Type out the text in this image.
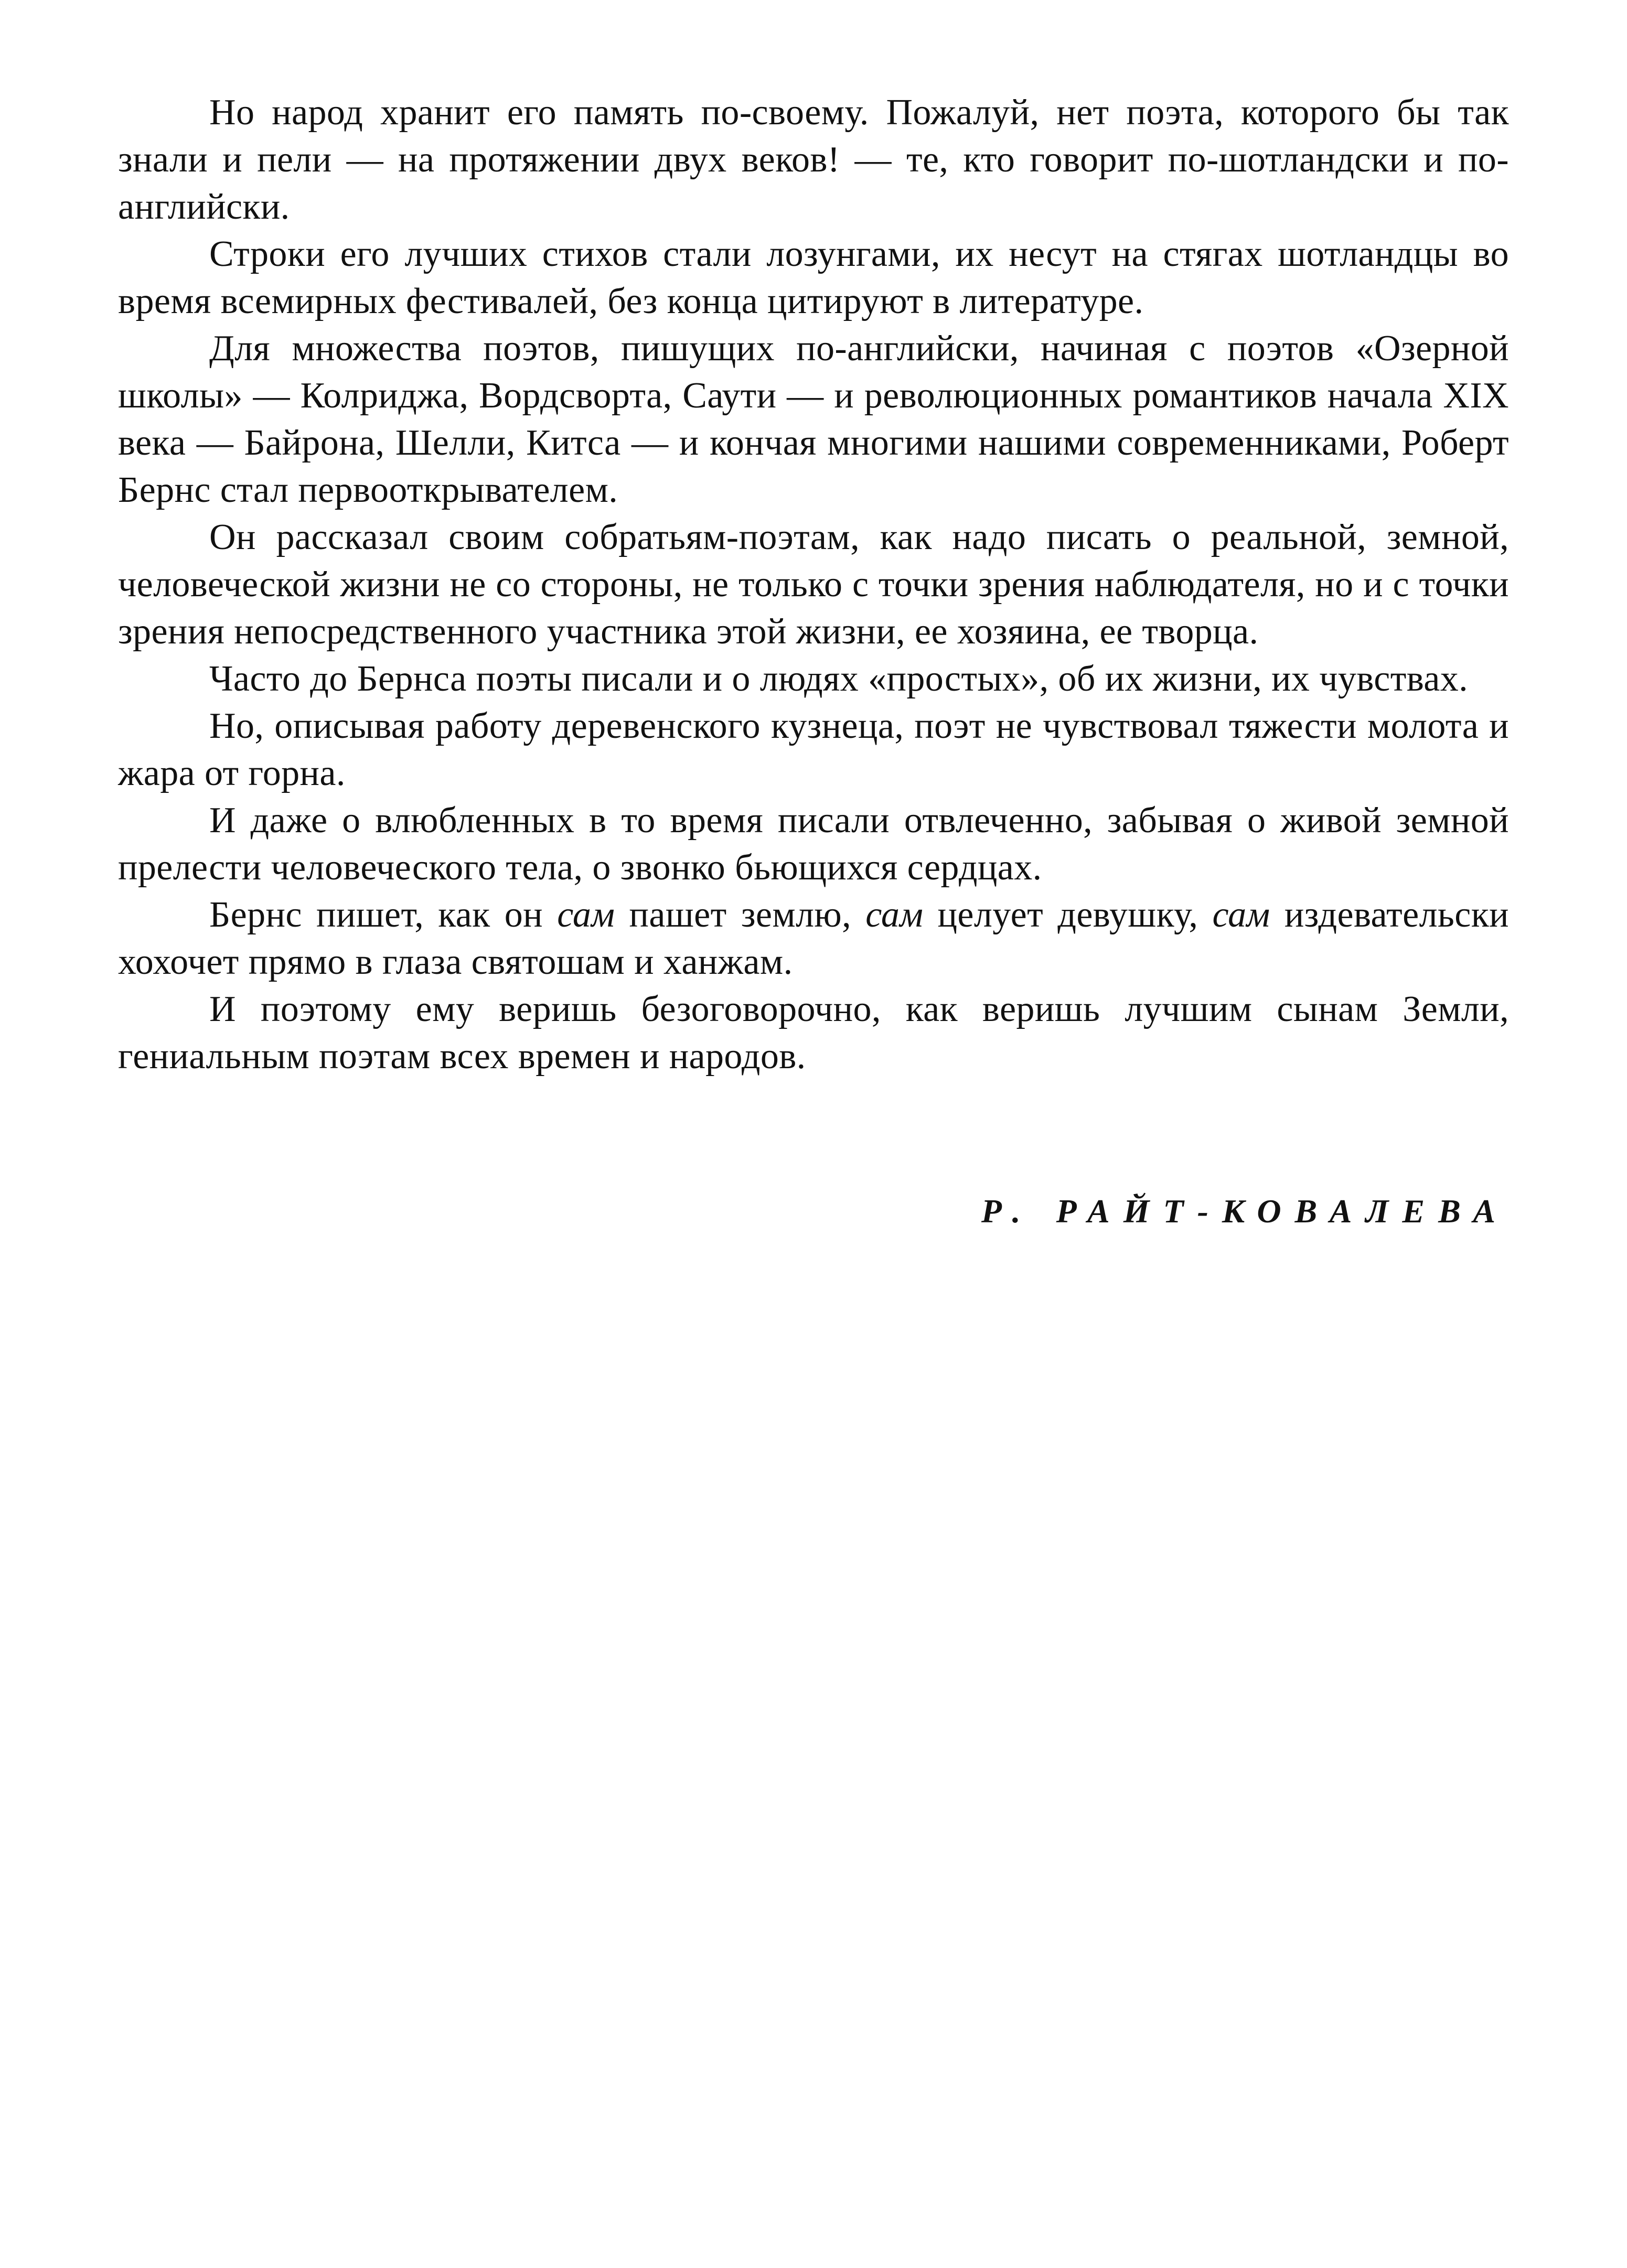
Но народ хранит его память по-своему. Пожалуй, нет поэта, которого бы так знали и пели — на протяжении двух веков! — те, кто говорит по-шотландски и по-английски.

Строки его лучших стихов стали лозунгами, их несут на стягах шотландцы во время всемирных фестивалей, без конца цитируют в литературе.

Для множества поэтов, пишущих по-английски, начиная с поэтов «Озерной школы» — Колриджа, Вордсворта, Саути — и революционных романтиков начала XIX века — Байрона, Шелли, Китса — и кончая многими нашими современниками, Роберт Бернс стал первооткрывателем.

Он рассказал своим собратьям-поэтам, как надо писать о реальной, земной, человеческой жизни не со стороны, не только с точки зрения наблюдателя, но и с точки зрения непосредственного участника этой жизни, ее хозяина, ее творца.

Часто до Бернса поэты писали и о людях «простых», об их жизни, их чувствах.

Но, описывая работу деревенского кузнеца, поэт не чувствовал тяжести молота и жара от горна.

И даже о влюбленных в то время писали отвлеченно, забывая о живой земной прелести человеческого тела, о звонко бьющихся сердцах.

Бернс пишет, как он сам пашет землю, сам целует девушку, сам издевательски хохочет прямо в глаза святошам и ханжам.

И поэтому ему веришь безоговорочно, как веришь лучшим сынам Земли, гениальным поэтам всех времен и народов.

Р. РАЙТ-КОВАЛЕВА
